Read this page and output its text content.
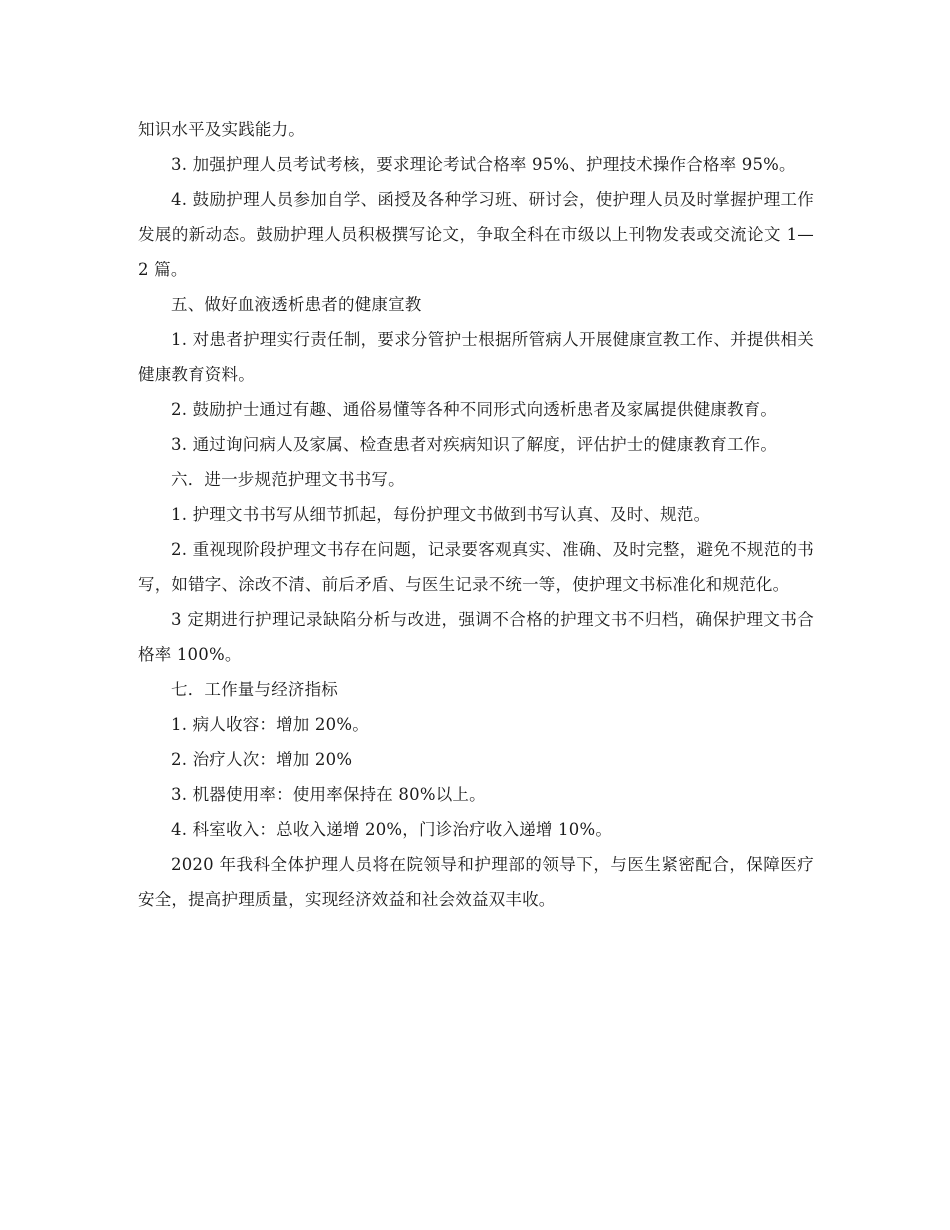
知识水平及实践能力。

3. 加强护理人员考试考核，要求理论考试合格率 95%、护理技术操作合格率 95%。

4. 鼓励护理人员参加自学、函授及各种学习班、研讨会，使护理人员及时掌握护理工作发展的新动态。鼓励护理人员积极撰写论文，争取全科在市级以上刊物发表或交流论文 1—2 篇。

五、做好血液透析患者的健康宣教

1. 对患者护理实行责任制，要求分管护士根据所管病人开展健康宣教工作、并提供相关健康教育资料。

2. 鼓励护士通过有趣、通俗易懂等各种不同形式向透析患者及家属提供健康教育。

3. 通过询问病人及家属、检查患者对疾病知识了解度，评估护士的健康教育工作。

六．进一步规范护理文书书写。

1. 护理文书书写从细节抓起，每份护理文书做到书写认真、及时、规范。

2. 重视现阶段护理文书存在问题，记录要客观真实、准确、及时完整，避免不规范的书写，如错字、涂改不清、前后矛盾、与医生记录不统一等，使护理文书标准化和规范化。

3 定期进行护理记录缺陷分析与改进，强调不合格的护理文书不归档，确保护理文书合格率 100%。

七．工作量与经济指标

1. 病人收容：增加 20%。

2. 治疗人次：增加 20%

3. 机器使用率：使用率保持在 80%以上。

4. 科室收入：总收入递增 20%，门诊治疗收入递增 10%。

2020 年我科全体护理人员将在院领导和护理部的领导下，与医生紧密配合，保障医疗安全，提高护理质量，实现经济效益和社会效益双丰收。
